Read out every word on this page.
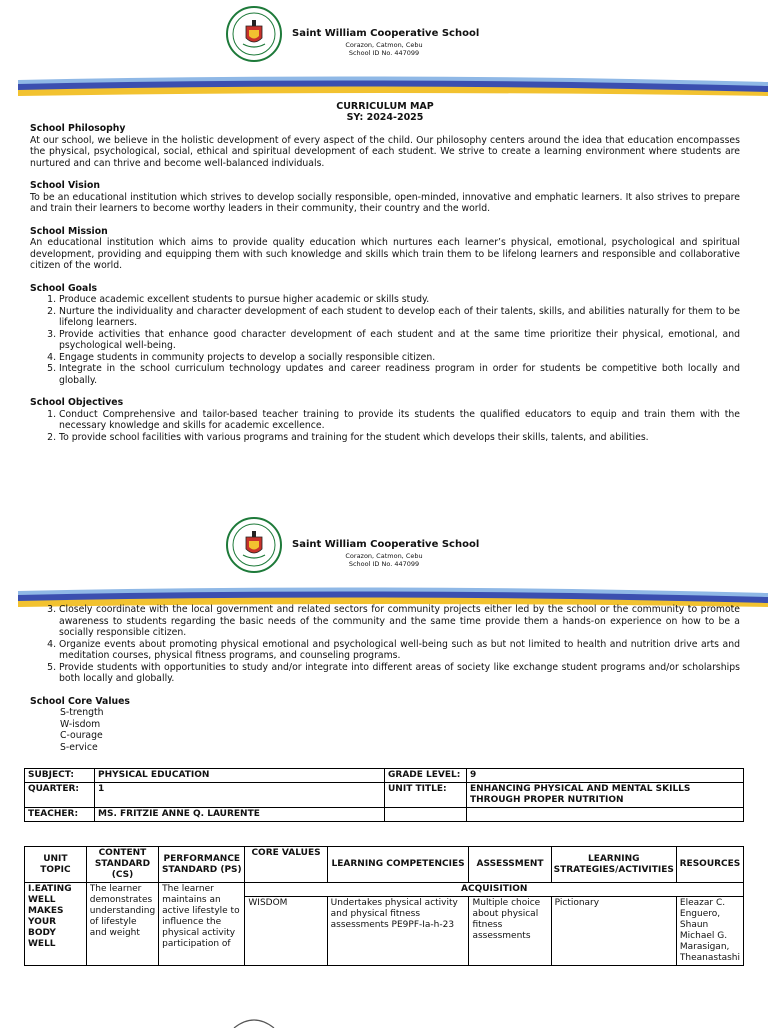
Saint William Cooperative School
Corazon, Catmon, Cebu
School ID No. 447099
CURRICULUM MAP
SY: 2024-2025
School Philosophy
At our school, we believe in the holistic development of every aspect of the child. Our philosophy centers around the idea that education encompasses the physical, psychological, social, ethical and spiritual development of each student. We strive to create a learning environment where students are nurtured and can thrive and become well-balanced individuals.
School Vision
To be an educational institution which strives to develop socially responsible, open-minded, innovative and emphatic learners. It also strives to prepare and train their learners to become worthy leaders in their community, their country and the world.
School Mission
An educational institution which aims to provide quality education which nurtures each learner’s physical, emotional, psychological and spiritual development, providing and equipping them with such knowledge and skills which train them to be lifelong learners and responsible and collaborative citizen of the world.
School Goals
1. Produce academic excellent students to pursue higher academic or skills study.
2. Nurture the individuality and character development of each student to develop each of their talents, skills, and abilities naturally for them to be lifelong learners.
3. Provide activities that enhance good character development of each student and at the same time prioritize their physical, emotional, and psychological well-being.
4. Engage students in community projects to develop a socially responsible citizen.
5. Integrate in the school curriculum technology updates and career readiness program in order for students be competitive both locally and globally.
School Objectives
1. Conduct Comprehensive and tailor-based teacher training to provide its students the qualified educators to equip and train them with the necessary knowledge and skills for academic excellence.
2. To provide school facilities with various programs and training for the student which develops their skills, talents, and abilities.
Saint William Cooperative School
Corazon, Catmon, Cebu
School ID No. 447099
3. Closely coordinate with the local government and related sectors for community projects either led by the school or the community to promote awareness to students regarding the basic needs of the community and the same time provide them a hands-on experience on how to be a socially responsible citizen.
4. Organize events about promoting physical emotional and psychological well-being such as but not limited to health and nutrition drive arts and meditation courses, physical fitness programs, and counseling programs.
5. Provide students with opportunities to study and/or integrate into different areas of society like exchange student programs and/or scholarships both locally and globally.
School Core Values
S-trength
W-isdom
C-ourage
S-ervice
SUBJECT:	PHYSICAL EDUCATION	GRADE LEVEL:	9
QUARTER:	1	UNIT TITLE:	ENHANCING PHYSICAL AND MENTAL SKILLS THROUGH PROPER NUTRITION
TEACHER:	MS. FRITZIE ANNE Q. LAURENTE		
UNIT TOPIC	CONTENT STANDARD (CS)	PERFORMANCE STANDARD (PS)	CORE VALUES	LEARNING COMPETENCIES	ASSESSMENT	LEARNING STRATEGIES/ACTIVITIES	RESOURCES

I.EATING WELL MAKES YOUR BODY WELL	The learner demonstrates understanding of lifestyle and weight	The learner maintains an active lifestyle to influence the physical activity participation of	ACQUISITION				
			WISDOM	Undertakes physical activity and physical fitness assessments PE9PF-Ia-h-23	Multiple choice about physical fitness assessments	Pictionary	Eleazar C. Enguero, Shaun Michael G. Marasigan, Theanastashi
